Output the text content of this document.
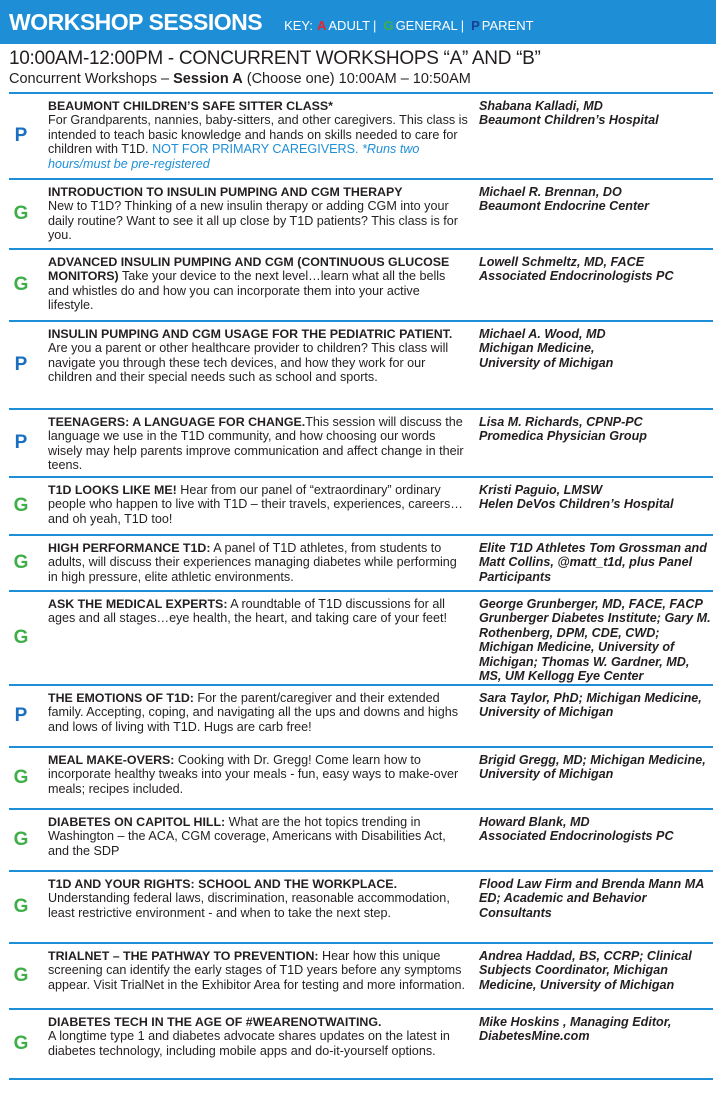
WORKSHOP SESSIONS KEY: A ADULT | G GENERAL | P PARENT
10:00AM-12:00PM - CONCURRENT WORKSHOPS “A” AND “B”
Concurrent Workshops – Session A (Choose one) 10:00AM – 10:50AM
P
BEAUMONT CHILDREN’S SAFE SITTER CLASS*
For Grandparents, nannies, baby-sitters, and other caregivers. This class is intended to teach basic knowledge and hands on skills needed to care for children with T1D. NOT FOR PRIMARY CAREGIVERS. *Runs two hours/must be pre-registered
Shabana Kalladi, MD
Beaumont Children’s Hospital
G
INTRODUCTION TO INSULIN PUMPING AND CGM THERAPY
New to T1D? Thinking of a new insulin therapy or adding CGM into your daily routine? Want to see it all up close by T1D patients? This class is for you.
Michael R. Brennan, DO
Beaumont Endocrine Center
G
ADVANCED INSULIN PUMPING AND CGM (CONTINUOUS GLUCOSE MONITORS) Take your device to the next level…learn what all the bells and whistles do and how you can incorporate them into your active lifestyle.
Lowell Schmeltz, MD, FACE
Associated Endocrinologists PC
P
INSULIN PUMPING AND CGM USAGE FOR THE PEDIATRIC PATIENT. Are you a parent or other healthcare provider to children? This class will navigate you through these tech devices, and how they work for our children and their special needs such as school and sports.
Michael A. Wood, MD
Michigan Medicine,
University of Michigan
P
TEENAGERS: A LANGUAGE FOR CHANGE.This session will discuss the language we use in the T1D community, and how choosing our words wisely may help parents improve communication and affect change in their teens.
Lisa M. Richards, CPNP-PC
Promedica Physician Group
G
T1D LOOKS LIKE ME! Hear from our panel of “extraordinary” ordinary people who happen to live with T1D – their travels, experiences, careers…and oh yeah, T1D too!
Kristi Paguio, LMSW
Helen DeVos Children’s Hospital
G
HIGH PERFORMANCE T1D: A panel of T1D athletes, from students to adults, will discuss their experiences managing diabetes while performing in high pressure, elite athletic environments.
Elite T1D Athletes Tom Grossman and Matt Collins, @matt_t1d, plus Panel Participants
G
ASK THE MEDICAL EXPERTS: A roundtable of T1D discussions for all ages and all stages…eye health, the heart, and taking care of your feet!
George Grunberger, MD, FACE, FACP Grunberger Diabetes Institute; Gary M. Rothenberg, DPM, CDE, CWD; Michigan Medicine, University of Michigan; Thomas W. Gardner, MD, MS, UM Kellogg Eye Center
P
THE EMOTIONS OF T1D: For the parent/caregiver and their extended family. Accepting, coping, and navigating all the ups and downs and highs and lows of living with T1D. Hugs are carb free!
Sara Taylor, PhD; Michigan Medicine, University of Michigan
G
MEAL MAKE-OVERS: Cooking with Dr. Gregg! Come learn how to incorporate healthy tweaks into your meals - fun, easy ways to make-over meals; recipes included.
Brigid Gregg, MD; Michigan Medicine, University of Michigan
G
DIABETES ON CAPITOL HILL: What are the hot topics trending in Washington – the ACA, CGM coverage, Americans with Disabilities Act, and the SDP
Howard Blank, MD
Associated Endocrinologists PC
G
T1D AND YOUR RIGHTS: SCHOOL AND THE WORKPLACE.
Understanding federal laws, discrimination, reasonable accommodation, least restrictive environment - and when to take the next step.
Flood Law Firm and Brenda Mann MA ED; Academic and Behavior Consultants
G
TRIALNET – THE PATHWAY TO PREVENTION: Hear how this unique screening can identify the early stages of T1D years before any symptoms appear. Visit TrialNet in the Exhibitor Area for testing and more information.
Andrea Haddad, BS, CCRP; Clinical Subjects Coordinator, Michigan Medicine, University of Michigan
G
DIABETES TECH IN THE AGE OF #WEARENOTWAITING.
A longtime type 1 and diabetes advocate shares updates on the latest in diabetes technology, including mobile apps and do-it-yourself options.
Mike Hoskins , Managing Editor, DiabetesMine.com
